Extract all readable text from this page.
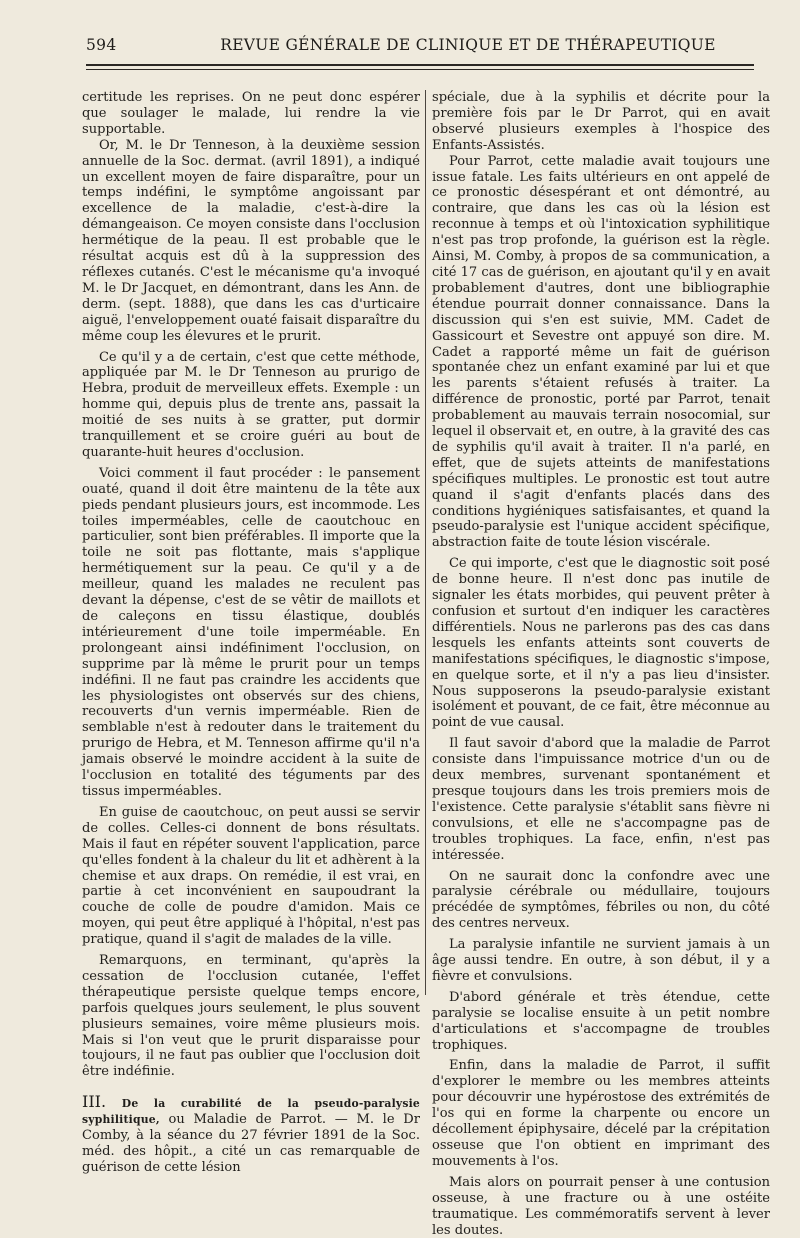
594	REVUE GÉNÉRALE DE CLINIQUE ET DE THÉRAPEUTIQUE

certitude les reprises. On ne peut donc espérer que soulager le malade, lui rendre la vie supportable.

Or, M. le Dr Tenneson, à la deuxième session annuelle de la Soc. dermat. (avril 1891), a indiqué un excellent moyen de faire disparaître, pour un temps indéfini, le symptôme angoissant par excellence de la maladie, c'est-à-dire la démangeaison. Ce moyen consiste dans l'occlusion hermétique de la peau. Il est probable que le résultat acquis est dû à la suppression des réflexes cutanés. C'est le mécanisme qu'a invoqué M. le Dr Jacquet, en démontrant, dans les Ann. de derm. (sept. 1888), que dans les cas d'urticaire aiguë, l'enveloppement ouaté faisait disparaître du même coup les élevures et le prurit.

Ce qu'il y a de certain, c'est que cette méthode, appliquée par M. le Dr Tenneson au prurigo de Hebra, produit de merveilleux effets. Exemple : un homme qui, depuis plus de trente ans, passait la moitié de ses nuits à se gratter, put dormir tranquillement et se croire guéri au bout de quarante-huit heures d'occlusion.

Voici comment il faut procéder : le pansement ouaté, quand il doit être maintenu de la tête aux pieds pendant plusieurs jours, est incommode. Les toiles imperméables, celle de caoutchouc en particulier, sont bien préférables. Il importe que la toile ne soit pas flottante, mais s'applique hermétiquement sur la peau. Ce qu'il y a de meilleur, quand les malades ne reculent pas devant la dépense, c'est de se vêtir de maillots et de caleçons en tissu élastique, doublés intérieurement d'une toile imperméable. En prolongeant ainsi indéfiniment l'occlusion, on supprime par là même le prurit pour un temps indéfini. Il ne faut pas craindre les accidents que les physiologistes ont observés sur des chiens, recouverts d'un vernis imperméable. Rien de semblable n'est à redouter dans le traitement du prurigo de Hebra, et M. Tenneson affirme qu'il n'a jamais observé le moindre accident à la suite de l'occlusion en totalité des téguments par des tissus imperméables.

En guise de caoutchouc, on peut aussi se servir de colles. Celles-ci donnent de bons résultats. Mais il faut en répéter souvent l'application, parce qu'elles fondent à la chaleur du lit et adhèrent à la chemise et aux draps. On remédie, il est vrai, en partie à cet inconvénient en saupoudrant la couche de colle de poudre d'amidon. Mais ce moyen, qui peut être appliqué à l'hôpital, n'est pas pratique, quand il s'agit de malades de la ville.

Remarquons, en terminant, qu'après la cessation de l'occlusion cutanée, l'effet thérapeutique persiste quelque temps encore, parfois quelques jours seulement, le plus souvent plusieurs semaines, voire même plusieurs mois. Mais si l'on veut que le prurit disparaisse pour toujours, il ne faut pas oublier que l'occlusion doit être indéfinie.

III. De la curabilité de la pseudo-paralysie syphilitique, ou Maladie de Parrot. — M. le Dr Comby, à la séance du 27 février 1891 de la Soc. méd. des hôpit., a cité un cas remarquable de guérison de cette lésion

spéciale, due à la syphilis et décrite pour la première fois par le Dr Parrot, qui en avait observé plusieurs exemples à l'hospice des Enfants-Assistés.

Pour Parrot, cette maladie avait toujours une issue fatale. Les faits ultérieurs en ont appelé de ce pronostic désespérant et ont démontré, au contraire, que dans les cas où la lésion est reconnue à temps et où l'intoxication syphilitique n'est pas trop profonde, la guérison est la règle. Ainsi, M. Comby, à propos de sa communication, a cité 17 cas de guérison, en ajoutant qu'il y en avait probablement d'autres, dont une bibliographie étendue pourrait donner connaissance. Dans la discussion qui s'en est suivie, MM. Cadet de Gassicourt et Sevestre ont appuyé son dire. M. Cadet a rapporté même un fait de guérison spontanée chez un enfant examiné par lui et que les parents s'étaient refusés à traiter. La différence de pronostic, porté par Parrot, tenait probablement au mauvais terrain nosocomial, sur lequel il observait et, en outre, à la gravité des cas de syphilis qu'il avait à traiter. Il n'a parlé, en effet, que de sujets atteints de manifestations spécifiques multiples. Le pronostic est tout autre quand il s'agit d'enfants placés dans des conditions hygiéniques satisfaisantes, et quand la pseudo-paralysie est l'unique accident spécifique, abstraction faite de toute lésion viscérale.

Ce qui importe, c'est que le diagnostic soit posé de bonne heure. Il n'est donc pas inutile de signaler les états morbides, qui peuvent prêter à confusion et surtout d'en indiquer les caractères différentiels. Nous ne parlerons pas des cas dans lesquels les enfants atteints sont couverts de manifestations spécifiques, le diagnostic s'impose, en quelque sorte, et il n'y a pas lieu d'insister. Nous supposerons la pseudo-paralysie existant isolément et pouvant, de ce fait, être méconnue au point de vue causal.

Il faut savoir d'abord que la maladie de Parrot consiste dans l'impuissance motrice d'un ou de deux membres, survenant spontanément et presque toujours dans les trois premiers mois de l'existence. Cette paralysie s'établit sans fièvre ni convulsions, et elle ne s'accompagne pas de troubles trophiques. La face, enfin, n'est pas intéressée.

On ne saurait donc la confondre avec une paralysie cérébrale ou médullaire, toujours précédée de symptômes, fébriles ou non, du côté des centres nerveux.

La paralysie infantile ne survient jamais à un âge aussi tendre. En outre, à son début, il y a fièvre et convulsions.

D'abord générale et très étendue, cette paralysie se localise ensuite à un petit nombre d'articulations et s'accompagne de troubles trophiques.

Enfin, dans la maladie de Parrot, il suffit d'explorer le membre ou les membres atteints pour découvrir une hypérostose des extrémités de l'os qui en forme la charpente ou encore un décollement épiphysaire, décelé par la crépitation osseuse que l'on obtient en imprimant des mouvements à l'os.

Mais alors on pourrait penser à une contusion osseuse, à une fracture ou à une ostéite traumatique. Les commémoratifs servent à lever les doutes.
